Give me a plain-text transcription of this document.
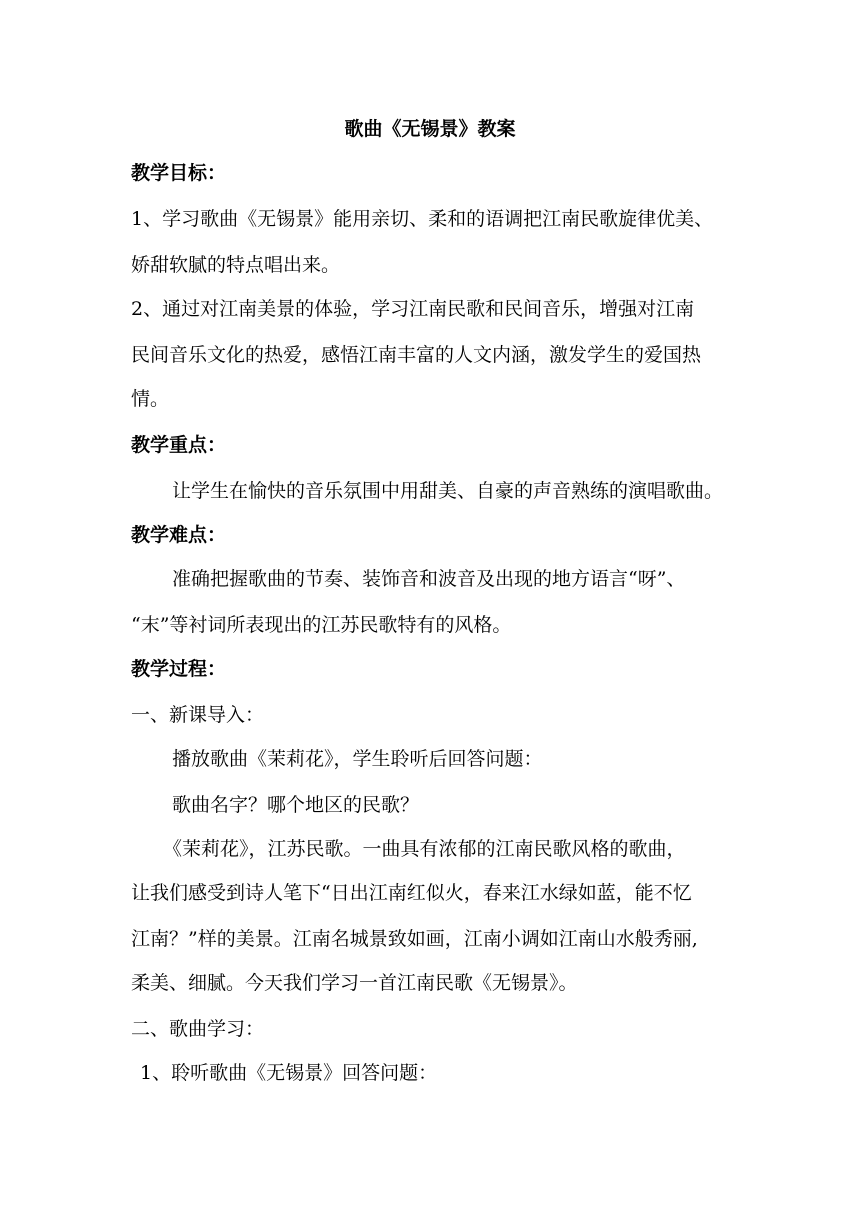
歌曲《无锡景》教案

教学目标：

1、学习歌曲《无锡景》能用亲切、柔和的语调把江南民歌旋律优美、

娇甜软腻的特点唱出来。

2、通过对江南美景的体验，学习江南民歌和民间音乐，增强对江南

民间音乐文化的热爱，感悟江南丰富的人文内涵，激发学生的爱国热

情。

教学重点：

让学生在愉快的音乐氛围中用甜美、自豪的声音熟练的演唱歌曲。

教学难点：

准确把握歌曲的节奏、装饰音和波音及出现的地方语言“呀”、

“末”等衬词所表现出的江苏民歌特有的风格。

教学过程：

一、新课导入：

播放歌曲《茉莉花》，学生聆听后回答问题：

歌曲名字？哪个地区的民歌？

《茉莉花》，江苏民歌。一曲具有浓郁的江南民歌风格的歌曲，

让我们感受到诗人笔下“日出江南红似火，春来江水绿如蓝，能不忆

江南？”样的美景。江南名城景致如画，江南小调如江南山水般秀丽,

柔美、细腻。今天我们学习一首江南民歌《无锡景》。

二、歌曲学习：

1、聆听歌曲《无锡景》回答问题：
